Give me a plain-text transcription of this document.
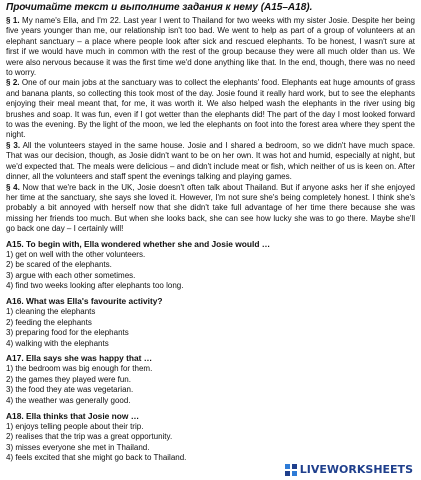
Прочитайте текст и выполните задания к нему (A15–A18).

§ 1. My name's Ella, and I'm 22. Last year I went to Thailand for two weeks with my sister Josie. Despite her being five years younger than me, our relationship isn't too bad. We went to help as part of a group of volunteers at an elephant sanctuary – a place where people look after sick and rescued elephants. To be honest, I wasn't sure at first if we would have much in common with the rest of the group because they were all much older than us. We were also nervous because it was the first time we'd done anything like that. In the end, though, there was no need to worry.

§ 2. One of our main jobs at the sanctuary was to collect the elephants' food. Elephants eat huge amounts of grass and banana plants, so collecting this took most of the day. Josie found it really hard work, but to see the elephants enjoying their meal meant that, for me, it was worth it. We also helped wash the elephants in the river using big brushes and soap. It was fun, even if I got wetter than the elephants did! The part of the day I most looked forward to was the evening. By the light of the moon, we led the elephants on foot into the forest area where they spent the night.

§ 3. All the volunteers stayed in the same house. Josie and I shared a bedroom, so we didn't have much space. That was our decision, though, as Josie didn't want to be on her own. It was hot and humid, especially at night, but we'd expected that. The meals were delicious – and didn't include meat or fish, which neither of us is keen on. After dinner, all the volunteers and staff spent the evenings talking and playing games.

§ 4. Now that we're back in the UK, Josie doesn't often talk about Thailand. But if anyone asks her if she enjoyed her time at the sanctuary, she says she loved it. However, I'm not sure she's being completely honest. I think she's probably a bit annoyed with herself now that she didn't take full advantage of her time there because she was missing her friends too much. But when she looks back, she can see how lucky she was to go there. Maybe she'll go back one day – I certainly will!

A15. To begin with, Ella wondered whether she and Josie would …

1) get on well with the other volunteers.

2) be scared of the elephants.

3) argue with each other sometimes.

4) find two weeks looking after elephants too long.

A16. What was Ella's favourite activity?

1) cleaning the elephants

2) feeding the elephants

3) preparing food for the elephants

4) walking with the elephants

A17. Ella says she was happy that …

1) the bedroom was big enough for them.

2) the games they played were fun.

3) the food they ate was vegetarian.

4) the weather was generally good.

A18. Ella thinks that Josie now …

1) enjoys telling people about their trip.

2) realises that the trip was a great opportunity.

3) misses everyone she met in Thailand.

4) feels excited that she might go back to Thailand.

LIVEWORKSHEETS
